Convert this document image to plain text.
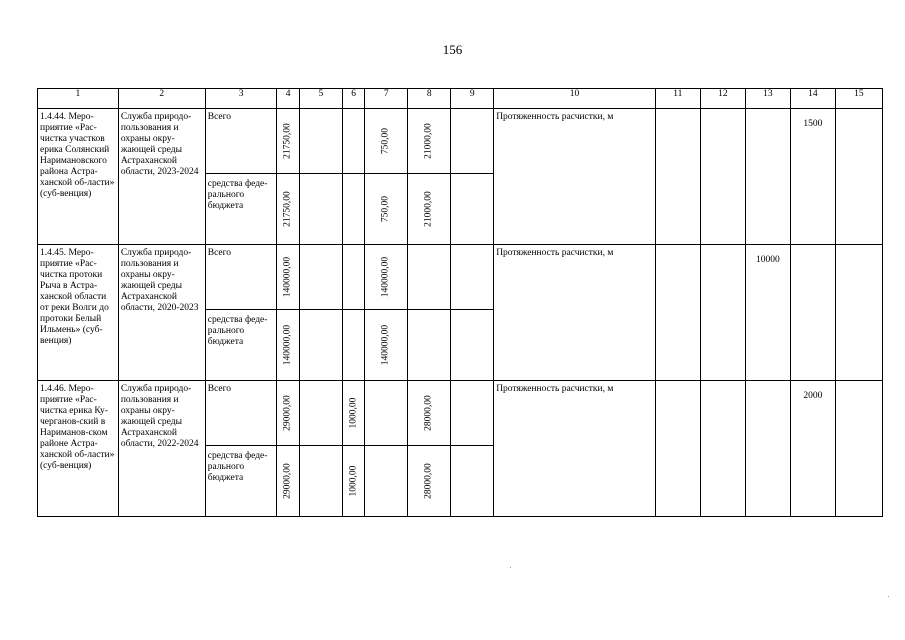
156
1	2	3	4	5	6	7	8	9	10	11	12	13	14	15

1.4.44. Меро-приятие «Рас-чистка участков ерика Солянский Наримановского района Астра-ханской об-ласти» (суб-венция)	Служба природо-пользования и охраны окру-жающей среды Астраханской области, 2023-2024	Всего	21750,00			750,00	21000,00		Протяженность расчистки, м				1500	

		средства феде-рального бюджета	21750,00			750,00	21000,00							

1.4.45. Меро-приятие «Рас-чистка протоки Рыча в Астра-ханской области от реки Волги до протоки Белый Ильмень» (суб-венция)	Служба природо-пользования и охраны окру-жающей среды Астраханской области, 2020-2023	Всего	140000,00			140000,00			Протяженность расчистки, м			10000		

		средства феде-рального бюджета	140000,00			140000,00								

1.4.46. Меро-приятие «Рас-чистка ерика Ку-черганов-ский в Нариманов-ском районе Астра-ханской об-ласти» (суб-венция)	Служба природо-пользования и охраны окру-жающей среды Астраханской области, 2022-2024	Всего	29000,00		1000,00		28000,00		Протяженность расчистки, м				2000	

		средства феде-рального бюджета	29000,00		1000,00		28000,00							
